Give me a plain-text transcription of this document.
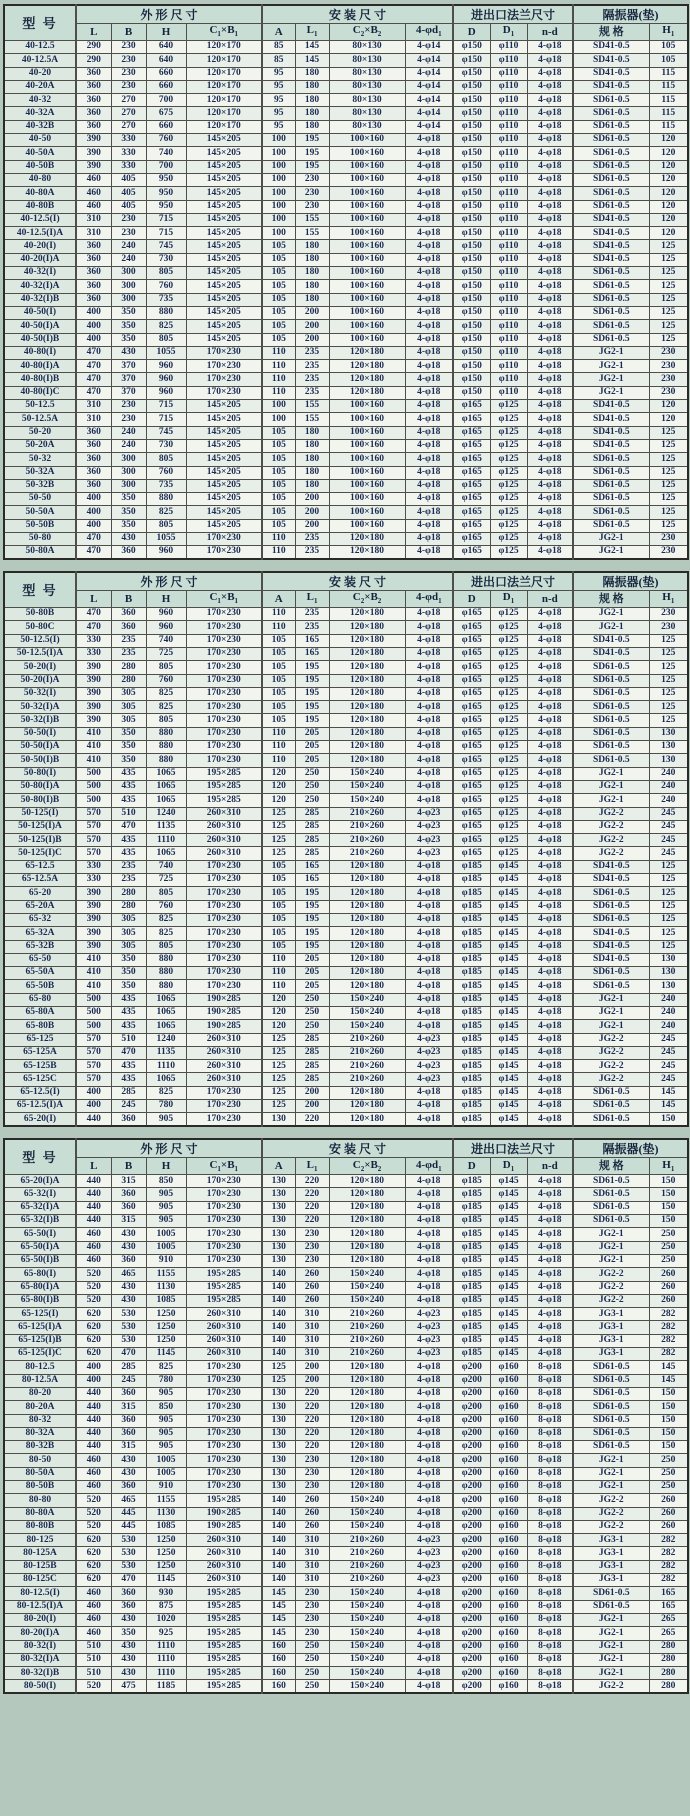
型 号	外 形 尺 寸				安 装 尺 寸				进出口法兰尺寸			隔振器(垫)	
	L	B	H	$C_1\times B_1$	A	$L_1$	$C_2\times B_2$	$4-\varphi d_1$	D	$D_1$	n-d	规 格	$H_1$
40-12.5	290	230	640	120×170	85	145	80×130	4-φ14	φ150	φ110	4-φ18	SD41-0.5	105
40-12.5A	290	230	640	120×170	85	145	80×130	4-φ14	φ150	φ110	4-φ18	SD41-0.5	105
40-20	360	230	660	120×170	95	180	80×130	4-φ14	φ150	φ110	4-φ18	SD41-0.5	115
40-20A	360	230	660	120×170	95	180	80×130	4-φ14	φ150	φ110	4-φ18	SD41-0.5	115
40-32	360	270	700	120×170	95	180	80×130	4-φ14	φ150	φ110	4-φ18	SD61-0.5	115
40-32A	360	270	675	120×170	95	180	80×130	4-φ14	φ150	φ110	4-φ18	SD61-0.5	115
40-32B	360	270	660	120×170	95	180	80×130	4-φ14	φ150	φ110	4-φ18	SD61-0.5	115
40-50	390	330	760	145×205	100	195	100×160	4-φ18	φ150	φ110	4-φ18	SD61-0.5	120
40-50A	390	330	740	145×205	100	195	100×160	4-φ18	φ150	φ110	4-φ18	SD61-0.5	120
40-50B	390	330	700	145×205	100	195	100×160	4-φ18	φ150	φ110	4-φ18	SD61-0.5	120
40-80	460	405	950	145×205	100	230	100×160	4-φ18	φ150	φ110	4-φ18	SD61-0.5	120
40-80A	460	405	950	145×205	100	230	100×160	4-φ18	φ150	φ110	4-φ18	SD61-0.5	120
40-80B	460	405	950	145×205	100	230	100×160	4-φ18	φ150	φ110	4-φ18	SD61-0.5	120
40-12.5(I)	310	230	715	145×205	100	155	100×160	4-φ18	φ150	φ110	4-φ18	SD41-0.5	120
40-12.5(I)A	310	230	715	145×205	100	155	100×160	4-φ18	φ150	φ110	4-φ18	SD41-0.5	120
40-20(I)	360	240	745	145×205	105	180	100×160	4-φ18	φ150	φ110	4-φ18	SD41-0.5	125
40-20(I)A	360	240	730	145×205	105	180	100×160	4-φ18	φ150	φ110	4-φ18	SD41-0.5	125
40-32(I)	360	300	805	145×205	105	180	100×160	4-φ18	φ150	φ110	4-φ18	SD61-0.5	125
40-32(I)A	360	300	760	145×205	105	180	100×160	4-φ18	φ150	φ110	4-φ18	SD61-0.5	125
40-32(I)B	360	300	735	145×205	105	180	100×160	4-φ18	φ150	φ110	4-φ18	SD61-0.5	125
40-50(I)	400	350	880	145×205	105	200	100×160	4-φ18	φ150	φ110	4-φ18	SD61-0.5	125
40-50(I)A	400	350	825	145×205	105	200	100×160	4-φ18	φ150	φ110	4-φ18	SD61-0.5	125
40-50(I)B	400	350	805	145×205	105	200	100×160	4-φ18	φ150	φ110	4-φ18	SD61-0.5	125
40-80(I)	470	430	1055	170×230	110	235	120×180	4-φ18	φ150	φ110	4-φ18	JG2-1	230
40-80(I)A	470	370	960	170×230	110	235	120×180	4-φ18	φ150	φ110	4-φ18	JG2-1	230
40-80(I)B	470	370	960	170×230	110	235	120×180	4-φ18	φ150	φ110	4-φ18	JG2-1	230
40-80(I)C	470	370	960	170×230	110	235	120×180	4-φ18	φ150	φ110	4-φ18	JG2-1	230
50-12.5	310	230	715	145×205	100	155	100×160	4-φ18	φ165	φ125	4-φ18	SD41-0.5	120
50-12.5A	310	230	715	145×205	100	155	100×160	4-φ18	φ165	φ125	4-φ18	SD41-0.5	120
50-20	360	240	745	145×205	105	180	100×160	4-φ18	φ165	φ125	4-φ18	SD41-0.5	125
50-20A	360	240	730	145×205	105	180	100×160	4-φ18	φ165	φ125	4-φ18	SD41-0.5	125
50-32	360	300	805	145×205	105	180	100×160	4-φ18	φ165	φ125	4-φ18	SD61-0.5	125
50-32A	360	300	760	145×205	105	180	100×160	4-φ18	φ165	φ125	4-φ18	SD61-0.5	125
50-32B	360	300	735	145×205	105	180	100×160	4-φ18	φ165	φ125	4-φ18	SD61-0.5	125
50-50	400	350	880	145×205	105	200	100×160	4-φ18	φ165	φ125	4-φ18	SD61-0.5	125
50-50A	400	350	825	145×205	105	200	100×160	4-φ18	φ165	φ125	4-φ18	SD61-0.5	125
50-50B	400	350	805	145×205	105	200	100×160	4-φ18	φ165	φ125	4-φ18	SD61-0.5	125
50-80	470	430	1055	170×230	110	235	120×180	4-φ18	φ165	φ125	4-φ18	JG2-1	230
50-80A	470	360	960	170×230	110	235	120×180	4-φ18	φ165	φ125	4-φ18	JG2-1	230
型 号	外 形 尺 寸				安 装 尺 寸				进出口法兰尺寸			隔振器(垫)	
	L	B	H	$C_1\times B_1$	A	$L_1$	$C_2\times B_2$	$4-\varphi d_1$	D	$D_1$	n-d	规 格	$H_1$
50-80B	470	360	960	170×230	110	235	120×180	4-φ18	φ165	φ125	4-φ18	JG2-1	230
50-80C	470	360	960	170×230	110	235	120×180	4-φ18	φ165	φ125	4-φ18	JG2-1	230
50-12.5(I)	330	235	740	170×230	105	165	120×180	4-φ18	φ165	φ125	4-φ18	SD41-0.5	125
50-12.5(I)A	330	235	725	170×230	105	165	120×180	4-φ18	φ165	φ125	4-φ18	SD41-0.5	125
50-20(I)	390	280	805	170×230	105	195	120×180	4-φ18	φ165	φ125	4-φ18	SD61-0.5	125
50-20(I)A	390	280	760	170×230	105	195	120×180	4-φ18	φ165	φ125	4-φ18	SD61-0.5	125
50-32(I)	390	305	825	170×230	105	195	120×180	4-φ18	φ165	φ125	4-φ18	SD61-0.5	125
50-32(I)A	390	305	825	170×230	105	195	120×180	4-φ18	φ165	φ125	4-φ18	SD61-0.5	125
50-32(I)B	390	305	805	170×230	105	195	120×180	4-φ18	φ165	φ125	4-φ18	SD61-0.5	125
50-50(I)	410	350	880	170×230	110	205	120×180	4-φ18	φ165	φ125	4-φ18	SD61-0.5	130
50-50(I)A	410	350	880	170×230	110	205	120×180	4-φ18	φ165	φ125	4-φ18	SD61-0.5	130
50-50(I)B	410	350	880	170×230	110	205	120×180	4-φ18	φ165	φ125	4-φ18	SD61-0.5	130
50-80(I)	500	435	1065	195×285	120	250	150×240	4-φ18	φ165	φ125	4-φ18	JG2-1	240
50-80(I)A	500	435	1065	195×285	120	250	150×240	4-φ18	φ165	φ125	4-φ18	JG2-1	240
50-80(I)B	500	435	1065	195×285	120	250	150×240	4-φ18	φ165	φ125	4-φ18	JG2-1	240
50-125(I)	570	510	1240	260×310	125	285	210×260	4-φ23	φ165	φ125	4-φ18	JG2-2	245
50-125(I)A	570	470	1135	260×310	125	285	210×260	4-φ23	φ165	φ125	4-φ18	JG2-2	245
50-125(I)B	570	435	1110	260×310	125	285	210×260	4-φ23	φ165	φ125	4-φ18	JG2-2	245
50-125(I)C	570	435	1065	260×310	125	285	210×260	4-φ23	φ165	φ125	4-φ18	JG2-2	245
65-12.5	330	235	740	170×230	105	165	120×180	4-φ18	φ185	φ145	4-φ18	SD41-0.5	125
65-12.5A	330	235	725	170×230	105	165	120×180	4-φ18	φ185	φ145	4-φ18	SD41-0.5	125
65-20	390	280	805	170×230	105	195	120×180	4-φ18	φ185	φ145	4-φ18	SD61-0.5	125
65-20A	390	280	760	170×230	105	195	120×180	4-φ18	φ185	φ145	4-φ18	SD61-0.5	125
65-32	390	305	825	170×230	105	195	120×180	4-φ18	φ185	φ145	4-φ18	SD61-0.5	125
65-32A	390	305	825	170×230	105	195	120×180	4-φ18	φ185	φ145	4-φ18	SD41-0.5	125
65-32B	390	305	805	170×230	105	195	120×180	4-φ18	φ185	φ145	4-φ18	SD41-0.5	125
65-50	410	350	880	170×230	110	205	120×180	4-φ18	φ185	φ145	4-φ18	SD41-0.5	130
65-50A	410	350	880	170×230	110	205	120×180	4-φ18	φ185	φ145	4-φ18	SD61-0.5	130
65-50B	410	350	880	170×230	110	205	120×180	4-φ18	φ185	φ145	4-φ18	SD61-0.5	130
65-80	500	435	1065	190×285	120	250	150×240	4-φ18	φ185	φ145	4-φ18	JG2-1	240
65-80A	500	435	1065	190×285	120	250	150×240	4-φ18	φ185	φ145	4-φ18	JG2-1	240
65-80B	500	435	1065	190×285	120	250	150×240	4-φ18	φ185	φ145	4-φ18	JG2-1	240
65-125	570	510	1240	260×310	125	285	210×260	4-φ23	φ185	φ145	4-φ18	JG2-2	245
65-125A	570	470	1135	260×310	125	285	210×260	4-φ23	φ185	φ145	4-φ18	JG2-2	245
65-125B	570	435	1110	260×310	125	285	210×260	4-φ23	φ185	φ145	4-φ18	JG2-2	245
65-125C	570	435	1065	260×310	125	285	210×260	4-φ23	φ185	φ145	4-φ18	JG2-2	245
65-12.5(I)	400	285	825	170×230	125	200	120×180	4-φ18	φ185	φ145	4-φ18	SD61-0.5	145
65-12.5(I)A	400	245	780	170×230	125	200	120×180	4-φ18	φ185	φ145	4-φ18	SD61-0.5	145
65-20(I)	440	360	905	170×230	130	220	120×180	4-φ18	φ185	φ145	4-φ18	SD61-0.5	150
型 号	外 形 尺 寸				安 装 尺 寸				进出口法兰尺寸			隔振器(垫)	
	L	B	H	$C_1\times B_1$	A	$L_1$	$C_2\times B_2$	$4-\varphi d_1$	D	$D_1$	n-d	规 格	$H_1$
65-20(I)A	440	315	850	170×230	130	220	120×180	4-φ18	φ185	φ145	4-φ18	SD61-0.5	150
65-32(I)	440	360	905	170×230	130	220	120×180	4-φ18	φ185	φ145	4-φ18	SD61-0.5	150
65-32(I)A	440	360	905	170×230	130	220	120×180	4-φ18	φ185	φ145	4-φ18	SD61-0.5	150
65-32(I)B	440	315	905	170×230	130	220	120×180	4-φ18	φ185	φ145	4-φ18	SD61-0.5	150
65-50(I)	460	430	1005	170×230	130	230	120×180	4-φ18	φ185	φ145	4-φ18	JG2-1	250
65-50(I)A	460	430	1005	170×230	130	230	120×180	4-φ18	φ185	φ145	4-φ18	JG2-1	250
65-50(I)B	460	360	910	170×230	130	230	120×180	4-φ18	φ185	φ145	4-φ18	JG2-1	250
65-80(I)	520	465	1155	195×285	140	260	150×240	4-φ18	φ185	φ145	4-φ18	JG2-2	260
65-80(I)A	520	430	1130	195×285	140	260	150×240	4-φ18	φ185	φ145	4-φ18	JG2-2	260
65-80(I)B	520	430	1085	195×285	140	260	150×240	4-φ18	φ185	φ145	4-φ18	JG2-2	260
65-125(I)	620	530	1250	260×310	140	310	210×260	4-φ23	φ185	φ145	4-φ18	JG3-1	282
65-125(I)A	620	530	1250	260×310	140	310	210×260	4-φ23	φ185	φ145	4-φ18	JG3-1	282
65-125(I)B	620	530	1250	260×310	140	310	210×260	4-φ23	φ185	φ145	4-φ18	JG3-1	282
65-125(I)C	620	470	1145	260×310	140	310	210×260	4-φ23	φ185	φ145	4-φ18	JG3-1	282
80-12.5	400	285	825	170×230	125	200	120×180	4-φ18	φ200	φ160	8-φ18	SD61-0.5	145
80-12.5A	400	245	780	170×230	125	200	120×180	4-φ18	φ200	φ160	8-φ18	SD61-0.5	145
80-20	440	360	905	170×230	130	220	120×180	4-φ18	φ200	φ160	8-φ18	SD61-0.5	150
80-20A	440	315	850	170×230	130	220	120×180	4-φ18	φ200	φ160	8-φ18	SD61-0.5	150
80-32	440	360	905	170×230	130	220	120×180	4-φ18	φ200	φ160	8-φ18	SD61-0.5	150
80-32A	440	360	905	170×230	130	220	120×180	4-φ18	φ200	φ160	8-φ18	SD61-0.5	150
80-32B	440	315	905	170×230	130	220	120×180	4-φ18	φ200	φ160	8-φ18	SD61-0.5	150
80-50	460	430	1005	170×230	130	230	120×180	4-φ18	φ200	φ160	8-φ18	JG2-1	250
80-50A	460	430	1005	170×230	130	230	120×180	4-φ18	φ200	φ160	8-φ18	JG2-1	250
80-50B	460	360	910	170×230	130	230	120×180	4-φ18	φ200	φ160	8-φ18	JG2-1	250
80-80	520	465	1155	195×285	140	260	150×240	4-φ18	φ200	φ160	8-φ18	JG2-2	260
80-80A	520	445	1130	190×285	140	260	150×240	4-φ18	φ200	φ160	8-φ18	JG2-2	260
80-80B	520	445	1085	190×285	140	260	150×240	4-φ18	φ200	φ160	8-φ18	JG2-2	260
80-125	620	530	1250	260×310	140	310	210×260	4-φ23	φ200	φ160	8-φ18	JG3-1	282
80-125A	620	530	1250	260×310	140	310	210×260	4-φ23	φ200	φ160	8-φ18	JG3-1	282
80-125B	620	530	1250	260×310	140	310	210×260	4-φ23	φ200	φ160	8-φ18	JG3-1	282
80-125C	620	470	1145	260×310	140	310	210×260	4-φ23	φ200	φ160	8-φ18	JG3-1	282
80-12.5(I)	460	360	930	195×285	145	230	150×240	4-φ18	φ200	φ160	8-φ18	SD61-0.5	165
80-12.5(I)A	460	360	875	195×285	145	230	150×240	4-φ18	φ200	φ160	8-φ18	SD61-0.5	165
80-20(I)	460	430	1020	195×285	145	230	150×240	4-φ18	φ200	φ160	8-φ18	JG2-1	265
80-20(I)A	460	350	925	195×285	145	230	150×240	4-φ18	φ200	φ160	8-φ18	JG2-1	265
80-32(I)	510	430	1110	195×285	160	250	150×240	4-φ18	φ200	φ160	8-φ18	JG2-1	280
80-32(I)A	510	430	1110	195×285	160	250	150×240	4-φ18	φ200	φ160	8-φ18	JG2-1	280
80-32(I)B	510	430	1110	195×285	160	250	150×240	4-φ18	φ200	φ160	8-φ18	JG2-1	280
80-50(I)	520	475	1185	195×285	160	250	150×240	4-φ18	φ200	φ160	8-φ18	JG2-2	280
